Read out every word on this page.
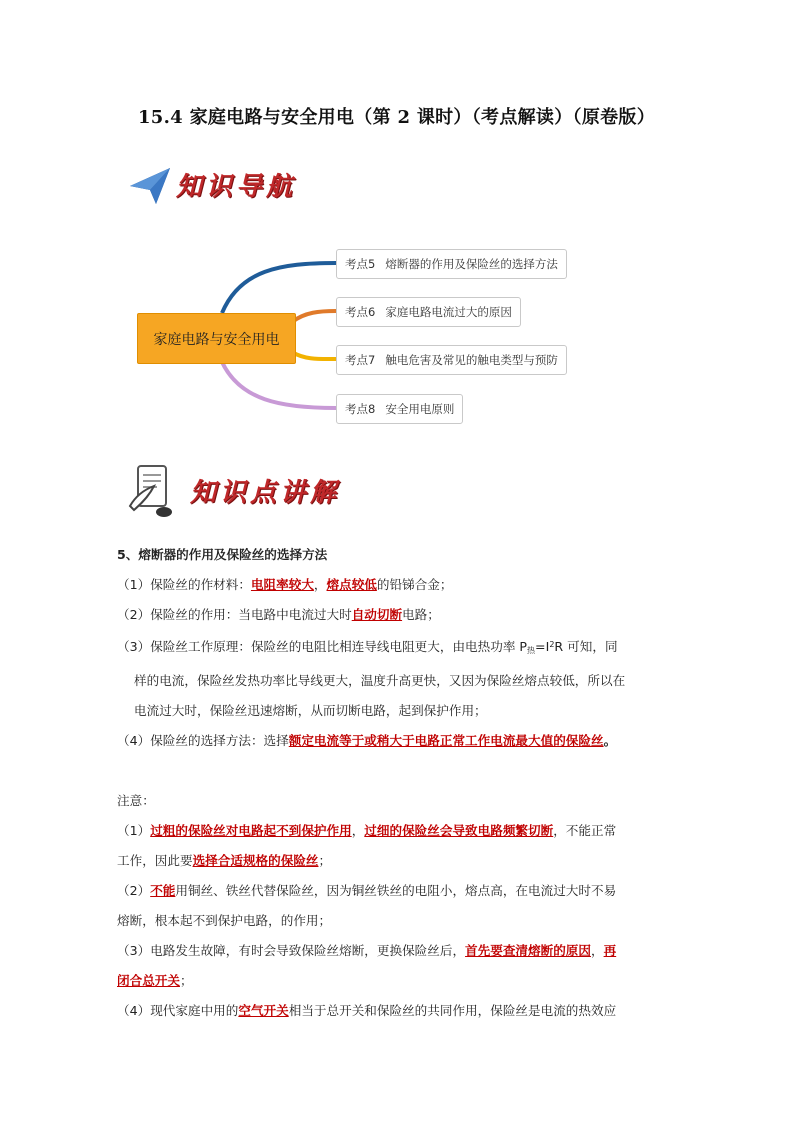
15.4 家庭电路与安全用电（第 2 课时）（考点解读）（原卷版）
知识导航
家庭电路与安全用电
考点5 熔断器的作用及保险丝的选择方法
考点6 家庭电路电流过大的原因
考点7 触电危害及常见的触电类型与预防
考点8 安全用电原则
知识点讲解
5、熔断器的作用及保险丝的选择方法
（1）保险丝的作材料：电阻率较大，熔点较低的铅锑合金；
（2）保险丝的作用：当电路中电流过大时自动切断电路；
（3）保险丝工作原理：保险丝的电阻比相连导线电阻更大，由电热功率 $P_热=I^2R$ 可知，同
样的电流，保险丝发热功率比导线更大，温度升高更快，又因为保险丝熔点较低，所以在
电流过大时，保险丝迅速熔断，从而切断电路，起到保护作用；
（4）保险丝的选择方法：选择额定电流等于或稍大于电路正常工作电流最大值的保险丝。
注意：
（1）过粗的保险丝对电路起不到保护作用，过细的保险丝会导致电路频繁切断，不能正常
工作，因此要选择合适规格的保险丝；
（2）不能用铜丝、铁丝代替保险丝，因为铜丝铁丝的电阻小，熔点高，在电流过大时不易
熔断，根本起不到保护电路，的作用；
（3）电路发生故障，有时会导致保险丝熔断，更换保险丝后，首先要查清熔断的原因，再
闭合总开关；
（4）现代家庭中用的空气开关相当于总开关和保险丝的共同作用，保险丝是电流的热效应
